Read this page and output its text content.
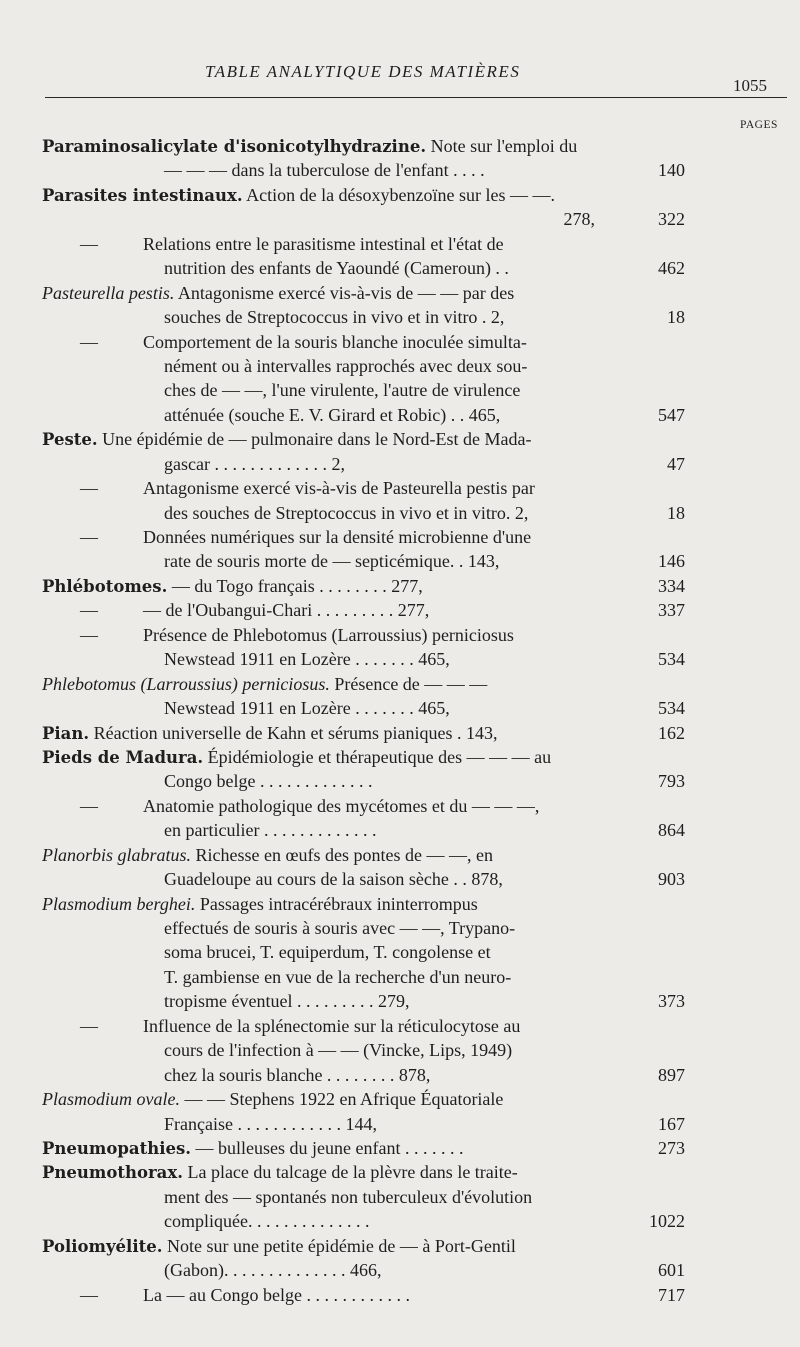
TABLE ANALYTIQUE DES MATIÈRES
1055
PAGES
Paraminosalicylate d'isonicotylhydrazine. Note sur l'emploi du
— — — dans la tuberculose de l'enfant . . . .	140
Parasites intestinaux. Action de la désoxybenzoïne sur les — —.
278,	322
—	Relations entre le parasitisme intestinal et l'état de
nutrition des enfants de Yaoundé (Cameroun) . .	462
Pasteurella pestis. Antagonisme exercé vis-à-vis de — — par des
souches de Streptococcus in vivo et in vitro . 2,	18
—	Comportement de la souris blanche inoculée simulta-
nément ou à intervalles rapprochés avec deux sou-
ches de — —, l'une virulente, l'autre de virulence
atténuée (souche E. V. Girard et Robic) . . 465,	547
Peste. Une épidémie de — pulmonaire dans le Nord-Est de Mada-
gascar . . . . . . . . . . . . . 2,	47
—	Antagonisme exercé vis-à-vis de Pasteurella pestis par
des souches de Streptococcus in vivo et in vitro. 2,	18
—	Données numériques sur la densité microbienne d'une
rate de souris morte de — septicémique. . 143,	146
Phlébotomes. — du Togo français . . . . . . . . 277,	334
—	— de l'Oubangui-Chari . . . . . . . . . 277,	337
—	Présence de Phlebotomus (Larroussius) perniciosus
Newstead 1911 en Lozère . . . . . . . 465,	534
Phlebotomus (Larroussius) perniciosus. Présence de — — —
Newstead 1911 en Lozère . . . . . . . 465,	534
Pian. Réaction universelle de Kahn et sérums pianiques . 143,	162
Pieds de Madura. Épidémiologie et thérapeutique des — — — au
Congo belge . . . . . . . . . . . . .	793
—	Anatomie pathologique des mycétomes et du — — —,
en particulier . . . . . . . . . . . . .	864
Planorbis glabratus. Richesse en œufs des pontes de — —, en
Guadeloupe au cours de la saison sèche . . 878,	903
Plasmodium berghei. Passages intracérébraux ininterrompus
effectués de souris à souris avec — —, Trypano-
soma brucei, T. equiperdum, T. congolense et
T. gambiense en vue de la recherche d'un neuro-
tropisme éventuel . . . . . . . . . 279,	373
—	Influence de la splénectomie sur la réticulocytose au
cours de l'infection à — — (Vincke, Lips, 1949)
chez la souris blanche . . . . . . . . 878,	897
Plasmodium ovale. — — Stephens 1922 en Afrique Équatoriale
Française . . . . . . . . . . . . 144,	167
Pneumopathies. — bulleuses du jeune enfant . . . . . . .	273
Pneumothorax. La place du talcage de la plèvre dans le traite-
ment des — spontanés non tuberculeux d'évolution
compliquée. . . . . . . . . . . . . .	1022
Poliomyélite. Note sur une petite épidémie de — à Port-Gentil
(Gabon). . . . . . . . . . . . . . 466,	601
—	La — au Congo belge . . . . . . . . . . . .	717
